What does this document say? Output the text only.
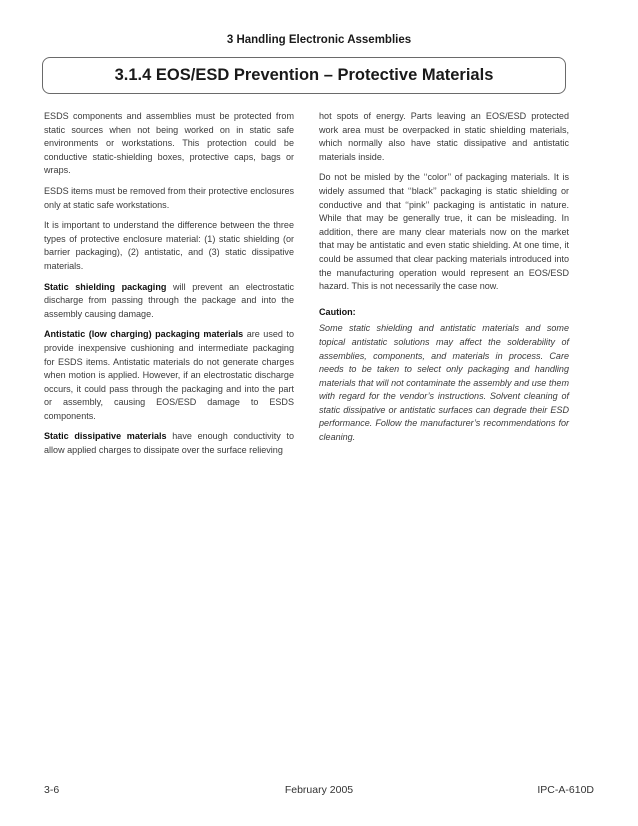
3 Handling Electronic Assemblies
3.1.4 EOS/ESD Prevention – Protective Materials

ESDS components and assemblies must be protected from static sources when not being worked on in static safe environments or workstations. This protection could be conductive static-shielding boxes, protective caps, bags or wraps.

ESDS items must be removed from their protective enclosures only at static safe workstations.

It is important to understand the difference between the three types of protective enclosure material: (1) static shielding (or barrier packaging), (2) antistatic, and (3) static dissipative materials.

Static shielding packaging will prevent an electrostatic discharge from passing through the package and into the assembly causing damage.

Antistatic (low charging) packaging materials are used to provide inexpensive cushioning and intermediate packaging for ESDS items. Antistatic materials do not generate charges when motion is applied. However, if an electrostatic discharge occurs, it could pass through the packaging and into the part or assembly, causing EOS/ESD damage to ESDS components.

Static dissipative materials have enough conductivity to allow applied charges to dissipate over the surface relieving

hot spots of energy. Parts leaving an EOS/ESD protected work area must be overpacked in static shielding materials, which normally also have static dissipative and antistatic materials inside.

Do not be misled by the ‘‘color’’ of packaging materials. It is widely assumed that ‘‘black’’ packaging is static shielding or conductive and that ‘‘pink’’ packaging is antistatic in nature. While that may be generally true, it can be misleading. In addition, there are many clear materials now on the market that may be antistatic and even static shielding. At one time, it could be assumed that clear packing materials introduced into the manufacturing operation would represent an EOS/ESD hazard. This is not necessarily the case now.

Caution:

Some static shielding and antistatic materials and some topical antistatic solutions may affect the solderability of assemblies, components, and materials in process. Care needs to be taken to select only packaging and handling materials that will not contaminate the assembly and use them with regard for the vendor’s instructions. Solvent cleaning of static dissipative or antistatic surfaces can degrade their ESD performance. Follow the manufacturer’s recommendations for cleaning.

3-6	February 2005	IPC-A-610D
